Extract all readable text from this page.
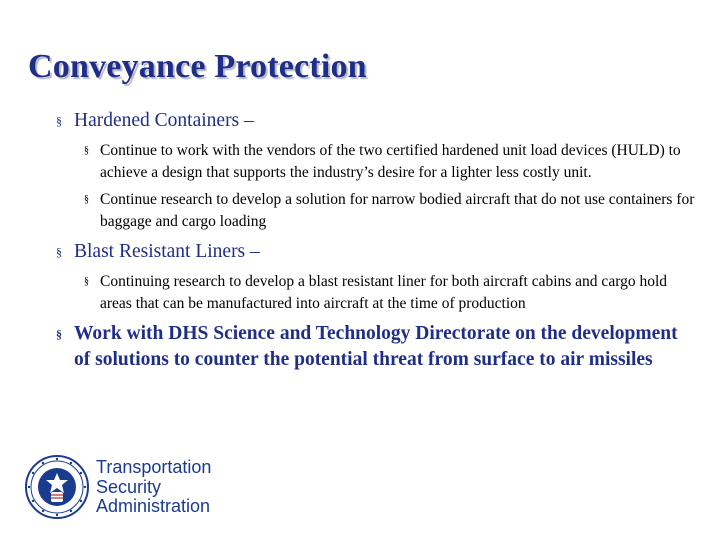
Conveyance Protection
§ Hardened Containers –
§ Continue to work with the vendors of the two certified hardened unit load devices (HULD) to achieve a design that supports the industry’s desire for a lighter less costly unit.
§ Continue research to develop a solution for narrow bodied aircraft that do not use containers for baggage and cargo loading
§ Blast Resistant Liners –
§ Continuing research to develop a blast resistant liner for both aircraft cabins and cargo hold areas that can be manufactured into aircraft at the time of production
§ Work with DHS Science and Technology Directorate on the development of solutions to counter the potential threat from surface to air missiles
Transportation
Security
Administration
